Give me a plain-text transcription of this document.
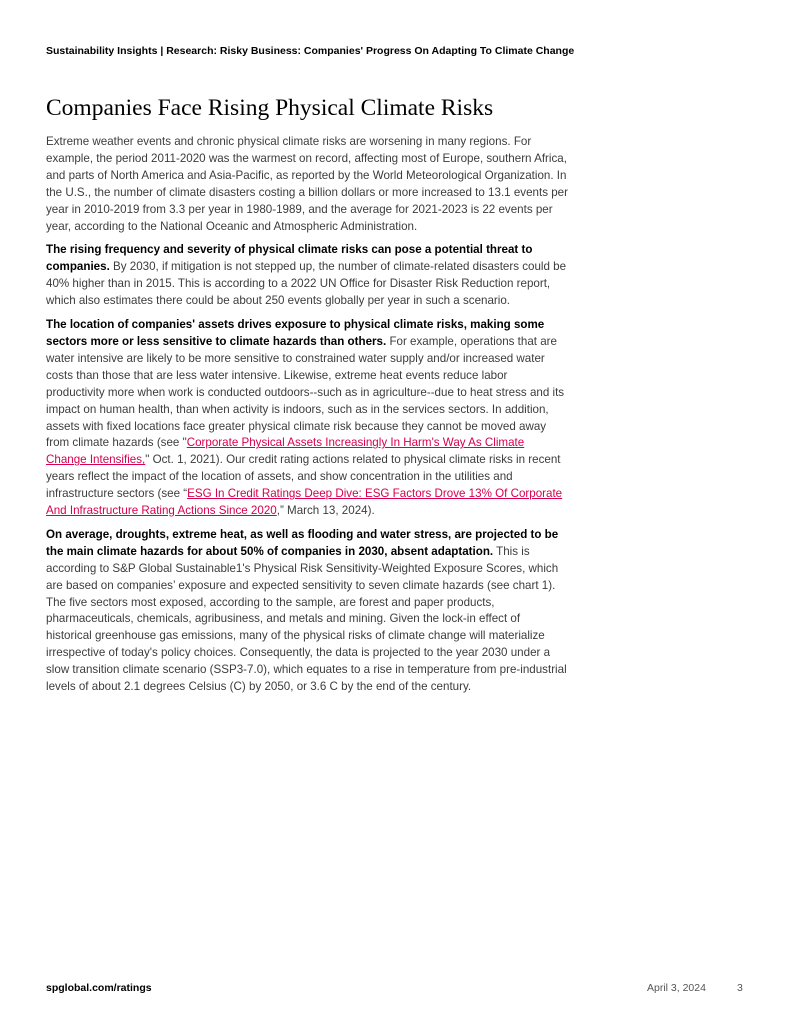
Sustainability Insights | Research: Risky Business: Companies' Progress On Adapting To Climate Change
Companies Face Rising Physical Climate Risks

Extreme weather events and chronic physical climate risks are worsening in many regions. For example, the period 2011-2020 was the warmest on record, affecting most of Europe, southern Africa, and parts of North America and Asia-Pacific, as reported by the World Meteorological Organization. In the U.S., the number of climate disasters costing a billion dollars or more increased to 13.1 events per year in 2010-2019 from 3.3 per year in 1980-1989, and the average for 2021-2023 is 22 events per year, according to the National Oceanic and Atmospheric Administration.

The rising frequency and severity of physical climate risks can pose a potential threat to companies. By 2030, if mitigation is not stepped up, the number of climate-related disasters could be 40% higher than in 2015. This is according to a 2022 UN Office for Disaster Risk Reduction report, which also estimates there could be about 250 events globally per year in such a scenario.

The location of companies' assets drives exposure to physical climate risks, making some sectors more or less sensitive to climate hazards than others. For example, operations that are water intensive are likely to be more sensitive to constrained water supply and/or increased water costs than those that are less water intensive. Likewise, extreme heat events reduce labor productivity more when work is conducted outdoors--such as in agriculture--due to heat stress and its impact on human health, than when activity is indoors, such as in the services sectors. In addition, assets with fixed locations face greater physical climate risk because they cannot be moved away from climate hazards (see "Corporate Physical Assets Increasingly In Harm's Way As Climate Change Intensifies," Oct. 1, 2021). Our credit rating actions related to physical climate risks in recent years reflect the impact of the location of assets, and show concentration in the utilities and infrastructure sectors (see “ESG In Credit Ratings Deep Dive: ESG Factors Drove 13% Of Corporate And Infrastructure Rating Actions Since 2020,” March 13, 2024).

On average, droughts, extreme heat, as well as flooding and water stress, are projected to be the main climate hazards for about 50% of companies in 2030, absent adaptation. This is according to S&P Global Sustainable1's Physical Risk Sensitivity-Weighted Exposure Scores, which are based on companies’ exposure and expected sensitivity to seven climate hazards (see chart 1). The five sectors most exposed, according to the sample, are forest and paper products, pharmaceuticals, chemicals, agribusiness, and metals and mining. Given the lock-in effect of historical greenhouse gas emissions, many of the physical risks of climate change will materialize irrespective of today's policy choices. Consequently, the data is projected to the year 2030 under a slow transition climate scenario (SSP3-7.0), which equates to a rise in temperature from pre-industrial levels of about 2.1 degrees Celsius (C) by 2050, or 3.6 C by the end of the century.

spglobal.com/ratings	April 3, 2024	3
